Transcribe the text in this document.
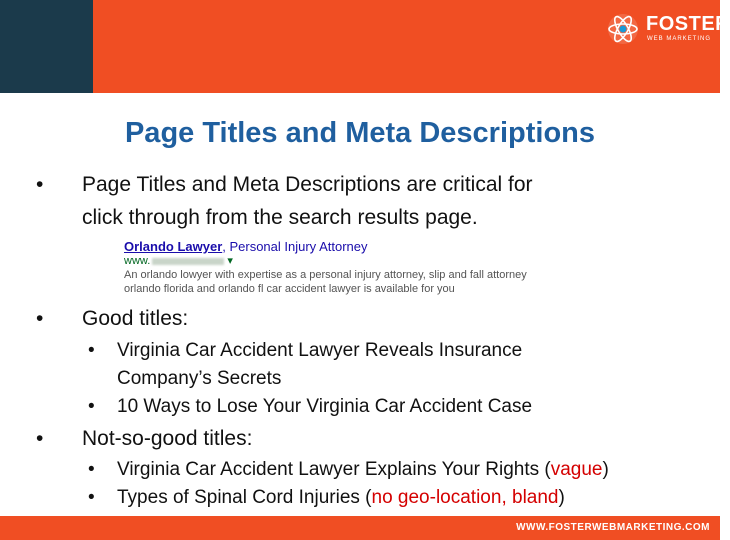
FOSTER
WEB MARKETING
Page Titles and Meta Descriptions
• Page Titles and Meta Descriptions are critical for
click through from the search results page.
Orlando Lawyer, Personal Injury Attorney
www.	▾
An orlando lowyer with expertise as a personal injury attorney, slip and fall attorney
orlando florida and orlando fl car accident lawyer is available for you
• Good titles:
• Virginia Car Accident Lawyer Reveals Insurance
Company’s Secrets
• 10 Ways to Lose Your Virginia Car Accident Case
• Not-so-good titles:
• Virginia Car Accident Lawyer Explains Your Rights (vague)
• Types of Spinal Cord Injuries (no geo-location, bland)
WWW.FOSTERWEBMARKETING.COM
